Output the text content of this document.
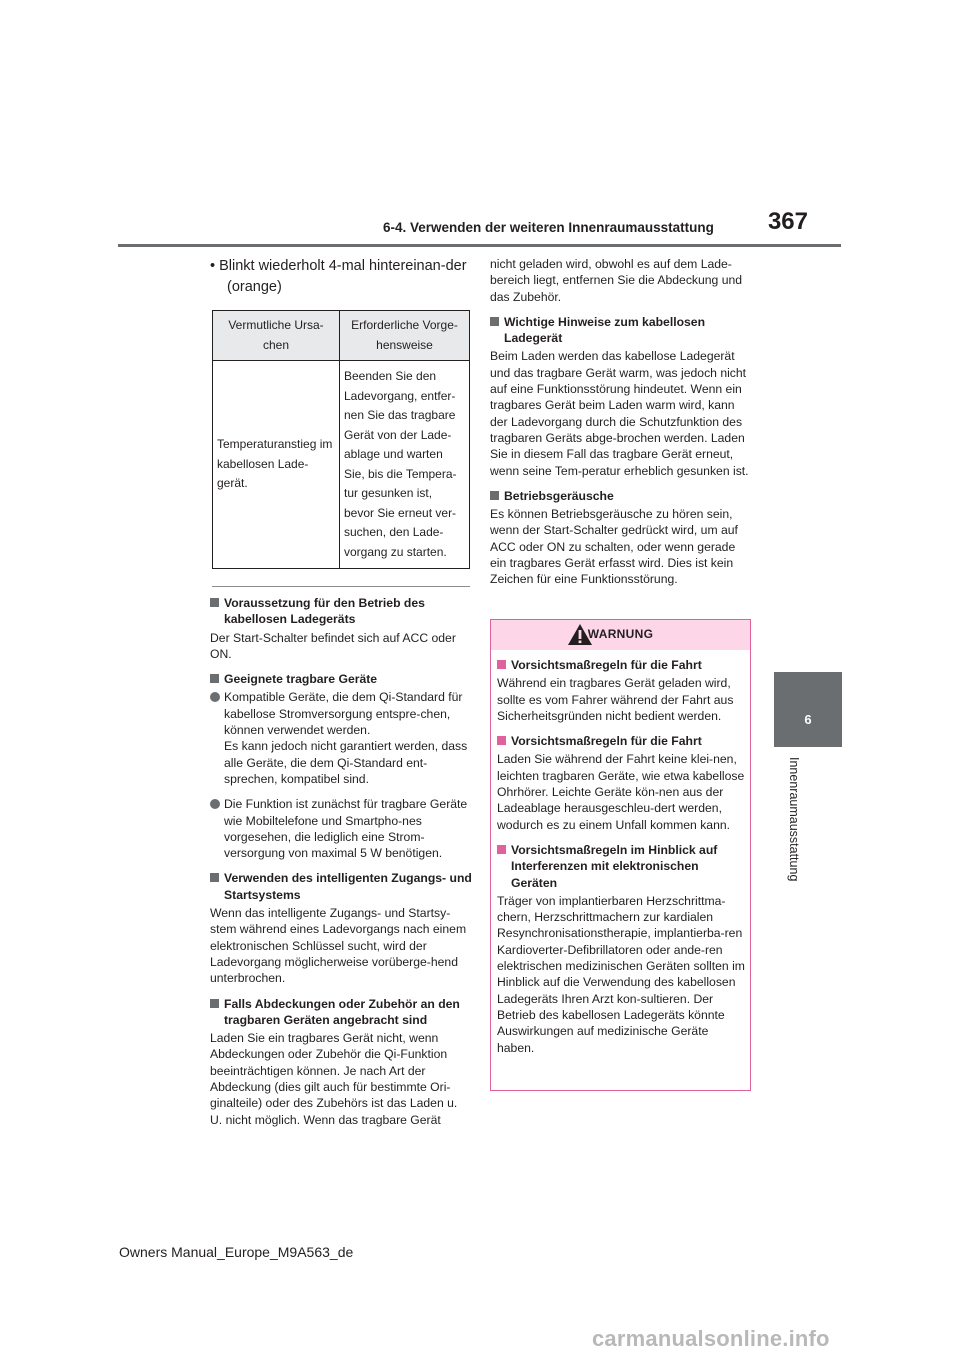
367
6-4. Verwenden der weiteren Innenraumausstattung
6
Innenraumausstattung

• Blinkt wiederholt 4-mal hintereinan-der (orange)

Vermutliche Ursa-chen	Erforderliche Vorge-hensweise
Temperaturanstieg im kabellosen Lade-gerät.	Beenden Sie den Ladevorgang, entfer-nen Sie das tragbare Gerät von der Lade-ablage und warten Sie, bis die Tempera-tur gesunken ist, bevor Sie erneut ver-suchen, den Lade-vorgang zu starten.
Voraussetzung für den Betrieb des kabellosen Ladegeräts

Der Start-Schalter befindet sich auf ACC oder ON.

Geeignete tragbare Geräte
Kompatible Geräte, die dem Qi-Standard für kabellose Stromversorgung entspre-chen, können verwendet werden.
Es kann jedoch nicht garantiert werden, dass alle Geräte, die dem Qi-Standard ent-sprechen, kompatibel sind.
Die Funktion ist zunächst für tragbare Geräte wie Mobiltelefone und Smartpho-nes vorgesehen, die lediglich eine Strom-versorgung von maximal 5 W benötigen.
Verwenden des intelligenten Zugangs- und Startsystems

Wenn das intelligente Zugangs- und Startsy-stem während eines Ladevorgangs nach einem elektronischen Schlüssel sucht, wird der Ladevorgang möglicherweise vorüberge-hend unterbrochen.

Falls Abdeckungen oder Zubehör an den tragbaren Geräten angebracht sind

Laden Sie ein tragbares Gerät nicht, wenn Abdeckungen oder Zubehör die Qi-Funktion beeinträchtigen können. Je nach Art der Abdeckung (dies gilt auch für bestimmte Ori-ginalteile) oder des Zubehörs ist das Laden u. U. nicht möglich. Wenn das tragbare Gerät

nicht geladen wird, obwohl es auf dem Lade-bereich liegt, entfernen Sie die Abdeckung und das Zubehör.

Wichtige Hinweise zum kabellosen Ladegerät

Beim Laden werden das kabellose Ladegerät und das tragbare Gerät warm, was jedoch nicht auf eine Funktionsstörung hindeutet. Wenn ein tragbares Gerät beim Laden warm wird, kann der Ladevorgang durch die Schutzfunktion des tragbaren Geräts abge-brochen werden. Laden Sie in diesem Fall das tragbare Gerät erneut, wenn seine Tem-peratur erheblich gesunken ist.

Betriebsgeräusche

Es können Betriebsgeräusche zu hören sein, wenn der Start-Schalter gedrückt wird, um auf ACC oder ON zu schalten, oder wenn gerade ein tragbares Gerät erfasst wird. Dies ist kein Zeichen für eine Funktionsstörung.

WARNUNG
Vorsichtsmaßregeln für die Fahrt

Während ein tragbares Gerät geladen wird, sollte es vom Fahrer während der Fahrt aus Sicherheitsgründen nicht bedient werden.

Vorsichtsmaßregeln für die Fahrt

Laden Sie während der Fahrt keine klei-nen, leichten tragbaren Geräte, wie etwa kabellose Ohrhörer. Leichte Geräte kön-nen aus der Ladeablage herausgeschleu-dert werden, wodurch es zu einem Unfall kommen kann.

Vorsichtsmaßregeln im Hinblick auf Interferenzen mit elektronischen Geräten

Träger von implantierbaren Herzschrittma-chern, Herzschrittmachern zur kardialen Resynchronisationstherapie, implantierba-ren Kardioverter-Defibrillatoren oder ande-ren elektrischen medizinischen Geräten sollten im Hinblick auf die Verwendung des kabellosen Ladegeräts Ihren Arzt kon-sultieren. Der Betrieb des kabellosen Ladegeräts könnte Auswirkungen auf medizinische Geräte haben.

Owners Manual_Europe_M9A563_de
carmanualsonline.info
